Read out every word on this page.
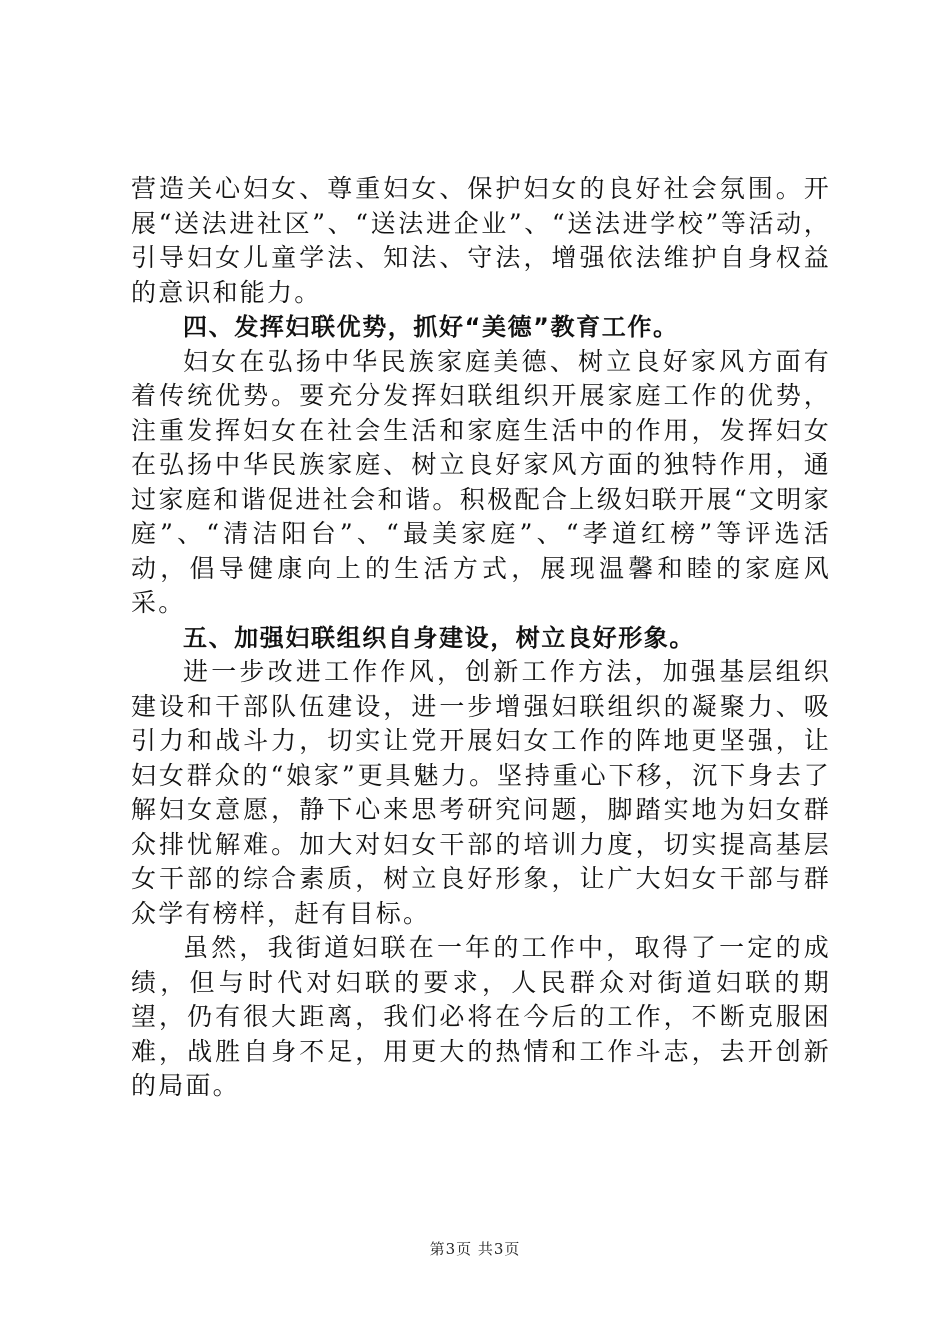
营造关心妇女、尊重妇女、保护妇女的良好社会氛围。开展“送法进社区”、“送法进企业”、“送法进学校”等活动，引导妇女儿童学法、知法、守法，增强依法维护自身权益的意识和能力。

四、发挥妇联优势，抓好“美德”教育工作。

妇女在弘扬中华民族家庭美德、树立良好家风方面有着传统优势。要充分发挥妇联组织开展家庭工作的优势，注重发挥妇女在社会生活和家庭生活中的作用，发挥妇女在弘扬中华民族家庭、树立良好家风方面的独特作用，通过家庭和谐促进社会和谐。积极配合上级妇联开展“文明家庭”、“清洁阳台”、“最美家庭”、“孝道红榜”等评选活动，倡导健康向上的生活方式，展现温馨和睦的家庭风采。

五、加强妇联组织自身建设，树立良好形象。

进一步改进工作作风，创新工作方法，加强基层组织建设和干部队伍建设，进一步增强妇联组织的凝聚力、吸引力和战斗力，切实让党开展妇女工作的阵地更坚强，让妇女群众的“娘家”更具魅力。坚持重心下移，沉下身去了解妇女意愿，静下心来思考研究问题，脚踏实地为妇女群众排忧解难。加大对妇女干部的培训力度，切实提高基层女干部的综合素质，树立良好形象，让广大妇女干部与群众学有榜样，赶有目标。

虽然，我街道妇联在一年的工作中，取得了一定的成绩，但与时代对妇联的要求，人民群众对街道妇联的期望，仍有很大距离，我们必将在今后的工作，不断克服困难，战胜自身不足，用更大的热情和工作斗志，去开创新的局面。

第3页 共3页
